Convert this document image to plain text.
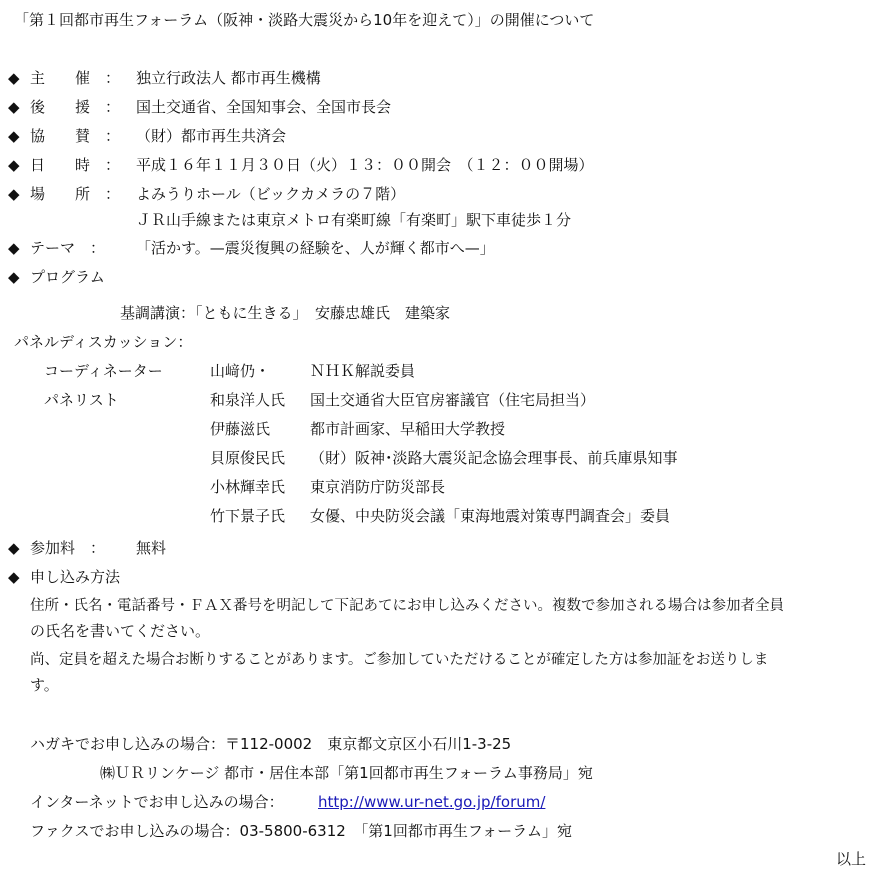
「第１回都市再生フォーラム（阪神・淡路大震災から10年を迎えて）」の開催について
◆ 主　　催　： 独立行政法人 都市再生機構
◆ 後　　援　： 国土交通省、全国知事会、全国市長会
◆ 協　　賛　： （財）都市再生共済会
◆ 日　　時　： 平成１６年１１月３０日（火）１３：００開会　（１２：００開場）
◆ 場　　所　： よみうりホール（ビックカメラの７階）
ＪＲ山手線または東京メトロ有楽町線「有楽町」駅下車徒歩１分
◆ テーマ　： 「活かす。—震災復興の経験を、人が輝く都市へ—」
◆ プログラム
基調講演：「ともに生きる」　安藤忠雄氏　建築家
パネルディスカッション：
コーディネーター	山﨑仍・	ＮＨＫ解説委員
パネリスト	和泉洋人氏 国土交通省大臣官房審議官（住宅局担当）
伊藤滋氏	都市計画家、早稲田大学教授
貝原俊民氏 （財）阪神･淡路大震災記念協会理事長、前兵庫県知事
小林輝幸氏 東京消防庁防災部長
竹下景子氏 女優、中央防災会議「東海地震対策専門調査会」委員
◆ 参加料　： 無料
◆ 申し込み方法
住所・氏名・電話番号・ＦＡＸ番号を明記して下記あてにお申し込みください。複数で参加される場合は参加者全員
の氏名を書いてください。
尚、定員を超えた場合お断りすることがあります。ご参加していただけることが確定した方は参加証をお送りしま
す。
ハガキでお申し込みの場合：〒112-0002　東京都文京区小石川1-3-25
㈱ＵＲリンケージ 都市・居住本部「第1回都市再生フォーラム事務局」宛
インターネットでお申し込みの場合： http://www.ur-net.go.jp/forum/
ファクスでお申し込みの場合：03-5800-6312　「第1回都市再生フォーラム」宛
以上
